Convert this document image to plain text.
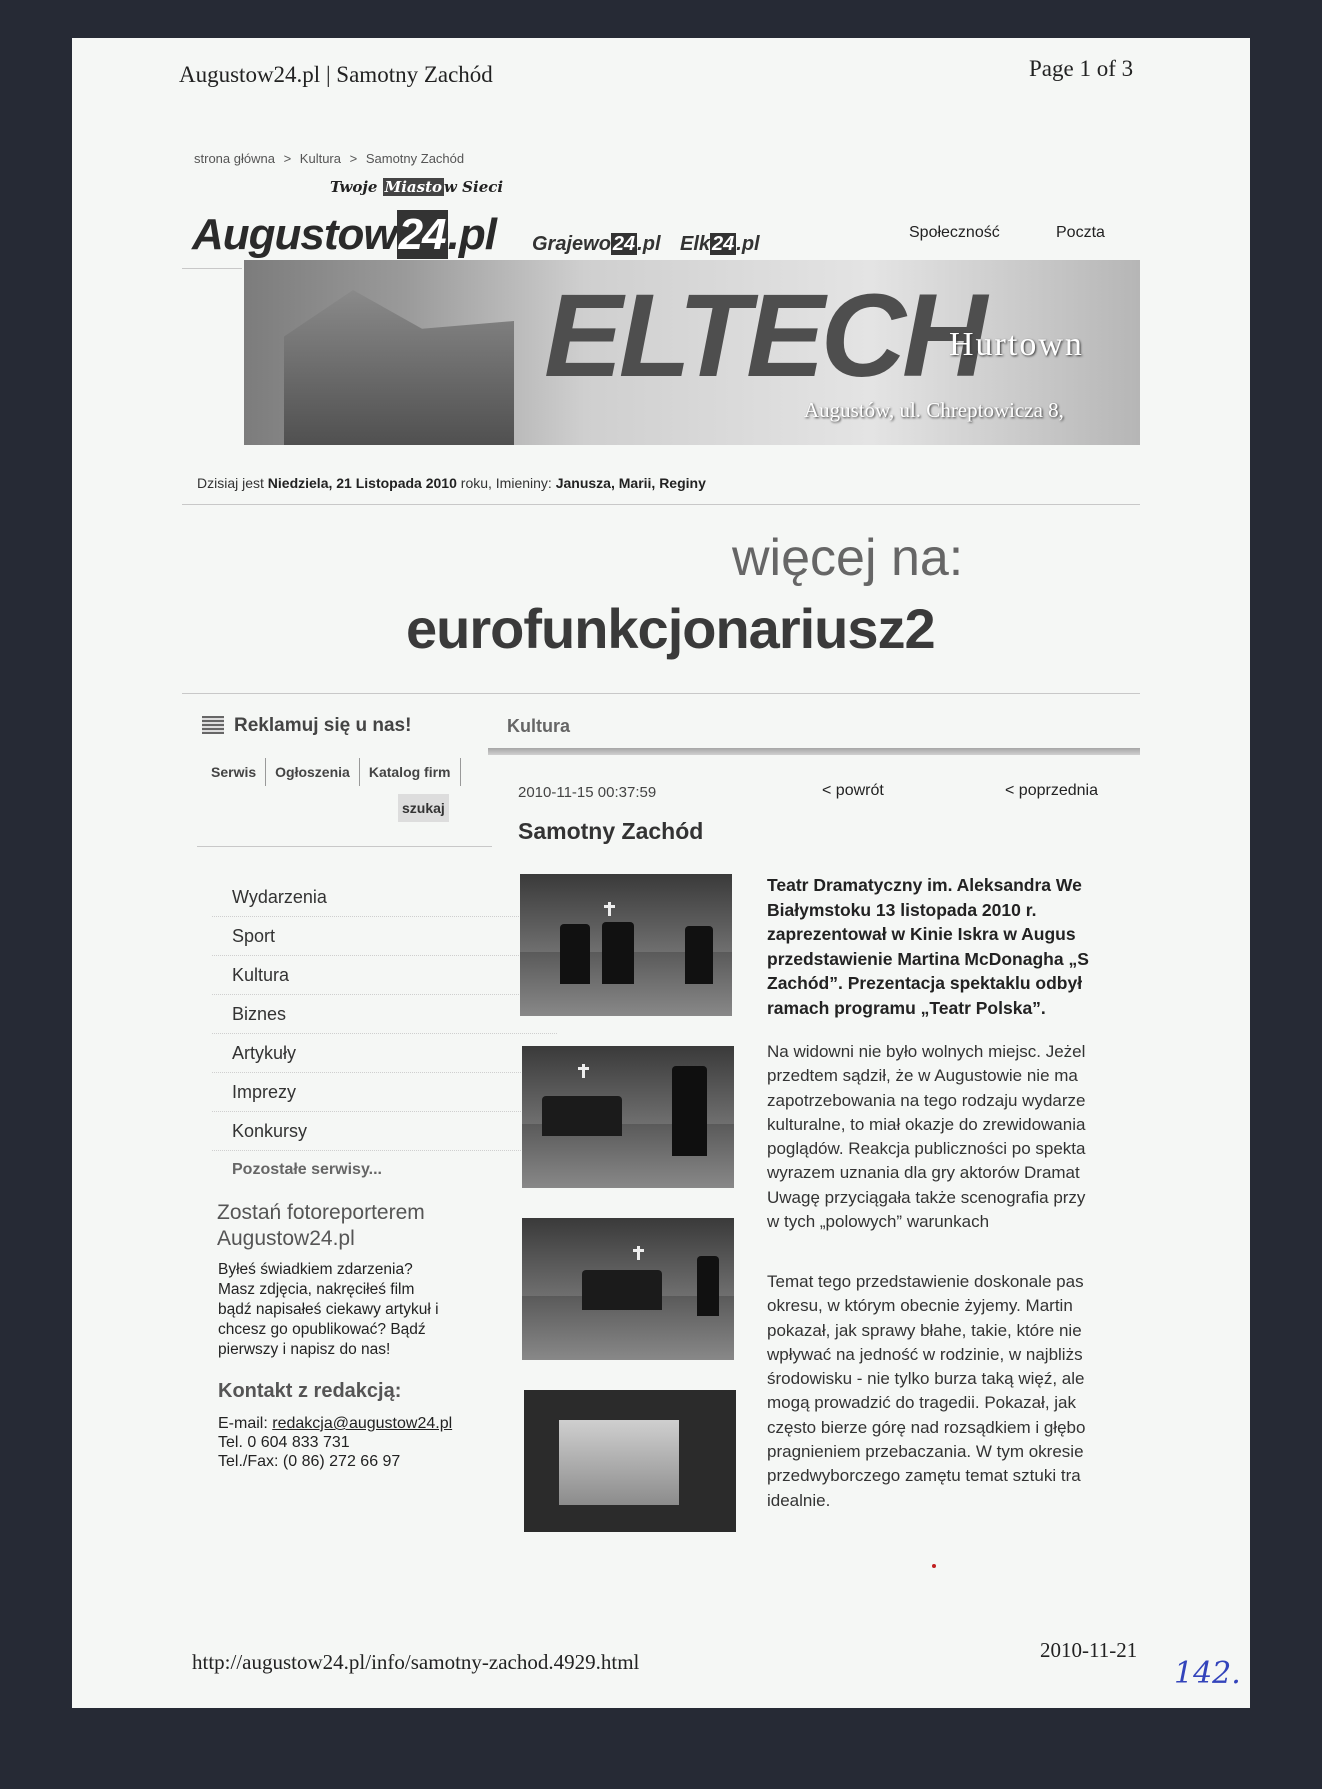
Augustow24.pl | Samotny Zachód	Page 1 of 3
strona główna > Kultura > Samotny Zachód
Twoje Miasto w Sieci
Augustow24.pl Grajewo 24 .pl Elk 24 .pl
Społeczność	Poczta
ELTECH
Hurtown
Augustów, ul. Chreptowicza 8,
Dzisiaj jest Niedziela, 21 Listopada 2010 roku, Imieniny: Janusza, Marii, Reginy
więcej na:
eurofunkcjonariusz2
Reklamuj się u nas!	Kultura
Serwis Ogłoszenia Katalog firm
szukaj
Wydarzenia
Sport
Kultura
Biznes
Artykuły
Imprezy
Konkursy
Pozostałe serwisy...
Zostań fotoreporterem
Augustow24.pl
Byłeś świadkiem zdarzenia?
Masz zdjęcia, nakręciłeś film
bądź napisałeś ciekawy artykuł i
chcesz go opublikować? Bądź
pierwszy i napisz do nas!
Kontakt z redakcją:
E-mail: redakcja@augustow24.pl
Tel. 0 604 833 731
Tel./Fax: (0 86) 272 66 97
2010-11-15 00:37:59	< powrót	< poprzednia
Samotny Zachód
Teatr Dramatyczny im. Aleksandra We
Białymstoku 13 listopada 2010 r.
zaprezentował w Kinie Iskra w Augus
przedstawienie Martina McDonagha „S
Zachód”. Prezentacja spektaklu odbył
ramach programu „Teatr Polska”.
Na widowni nie było wolnych miejsc. Jeżel
przedtem sądził, że w Augustowie nie ma
zapotrzebowania na tego rodzaju wydarze
kulturalne, to miał okazje do zrewidowania
poglądów. Reakcja publiczności po spekta
wyrazem uznania dla gry aktorów Dramat
Uwagę przyciągała także scenografia przy
w tych „polowych” warunkach
Temat tego przedstawienie doskonale pas
okresu, w którym obecnie żyjemy. Martin
pokazał, jak sprawy błahe, takie, które nie
wpływać na jedność w rodzinie, w najbliżs
środowisku - nie tylko burza taką więź, ale
mogą prowadzić do tragedii. Pokazał, jak
często bierze górę nad rozsądkiem i głębo
pragnieniem przebaczania. W tym okresie
przedwyborczego zamętu temat sztuki tra
idealnie.
http://augustow24.pl/info/samotny-zachod.4929.html	2010-11-21
142.
